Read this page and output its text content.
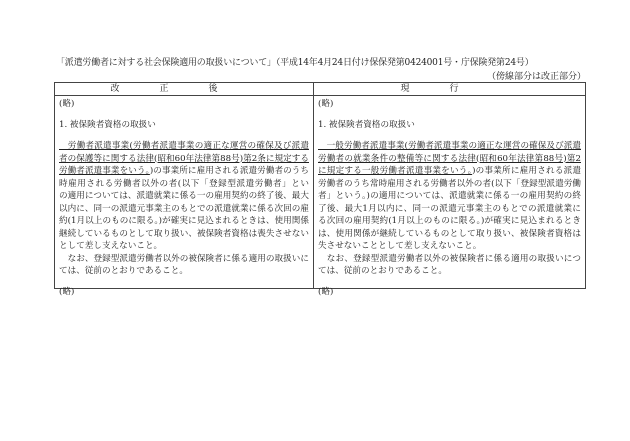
「派遣労働者に対する社会保険適用の取扱いについて」（平成14年4月24日付け保保発第0424001号・庁保険発第24号）
（傍線部分は改正部分）
改正後
(略)
1. 被保険者資格の取扱い
　労働者派遣事業(労働者派遣事業の適正な運営の確保及び派遣
者の保護等に関する法律(昭和60年法律第88号)第2条に規定する
労働者派遣事業をいう。)の事業所に雇用される派遣労働者のうち
時雇用される労働者以外の者(以下「登録型派遣労働者」とい
の適用については、派遣就業に係る一の雇用契約の終了後、最大
以内に、同一の派遣元事業主のもとでの派遣就業に係る次回の雇
約(1月以上のものに限る。)が確実に見込まれるときは、使用関係
継続しているものとして取り扱い、被保険者資格は喪失させない
として差し支えないこと。
　なお、登録型派遣労働者以外の被保険者に係る適用の取扱いに
ては、従前のとおりであること。
(略)
現行
(略)
1. 被保険者資格の取扱い
　一般労働者派遣事業(労働者派遣事業の適正な運営の確保及び派遣
労働者の就業条件の整備等に関する法律(昭和60年法律第88号)第2
に規定する一般労働者派遣事業をいう。)の事業所に雇用される派遣
労働者のうち常時雇用される労働者以外の者(以下「登録型派遣労働
者」という。)の適用については、派遣就業に係る一の雇用契約の終
了後、最大1月以内に、同一の派遣元事業主のもとでの派遣就業に
る次回の雇用契約(1月以上のものに限る。)が確実に見込まれるとき
は、使用関係が継続しているものとして取り扱い、被保険者資格は
失させないこととして差し支えないこと。
　なお、登録型派遣労働者以外の被保険者に係る適用の取扱いにつ
ては、従前のとおりであること。
(略)
